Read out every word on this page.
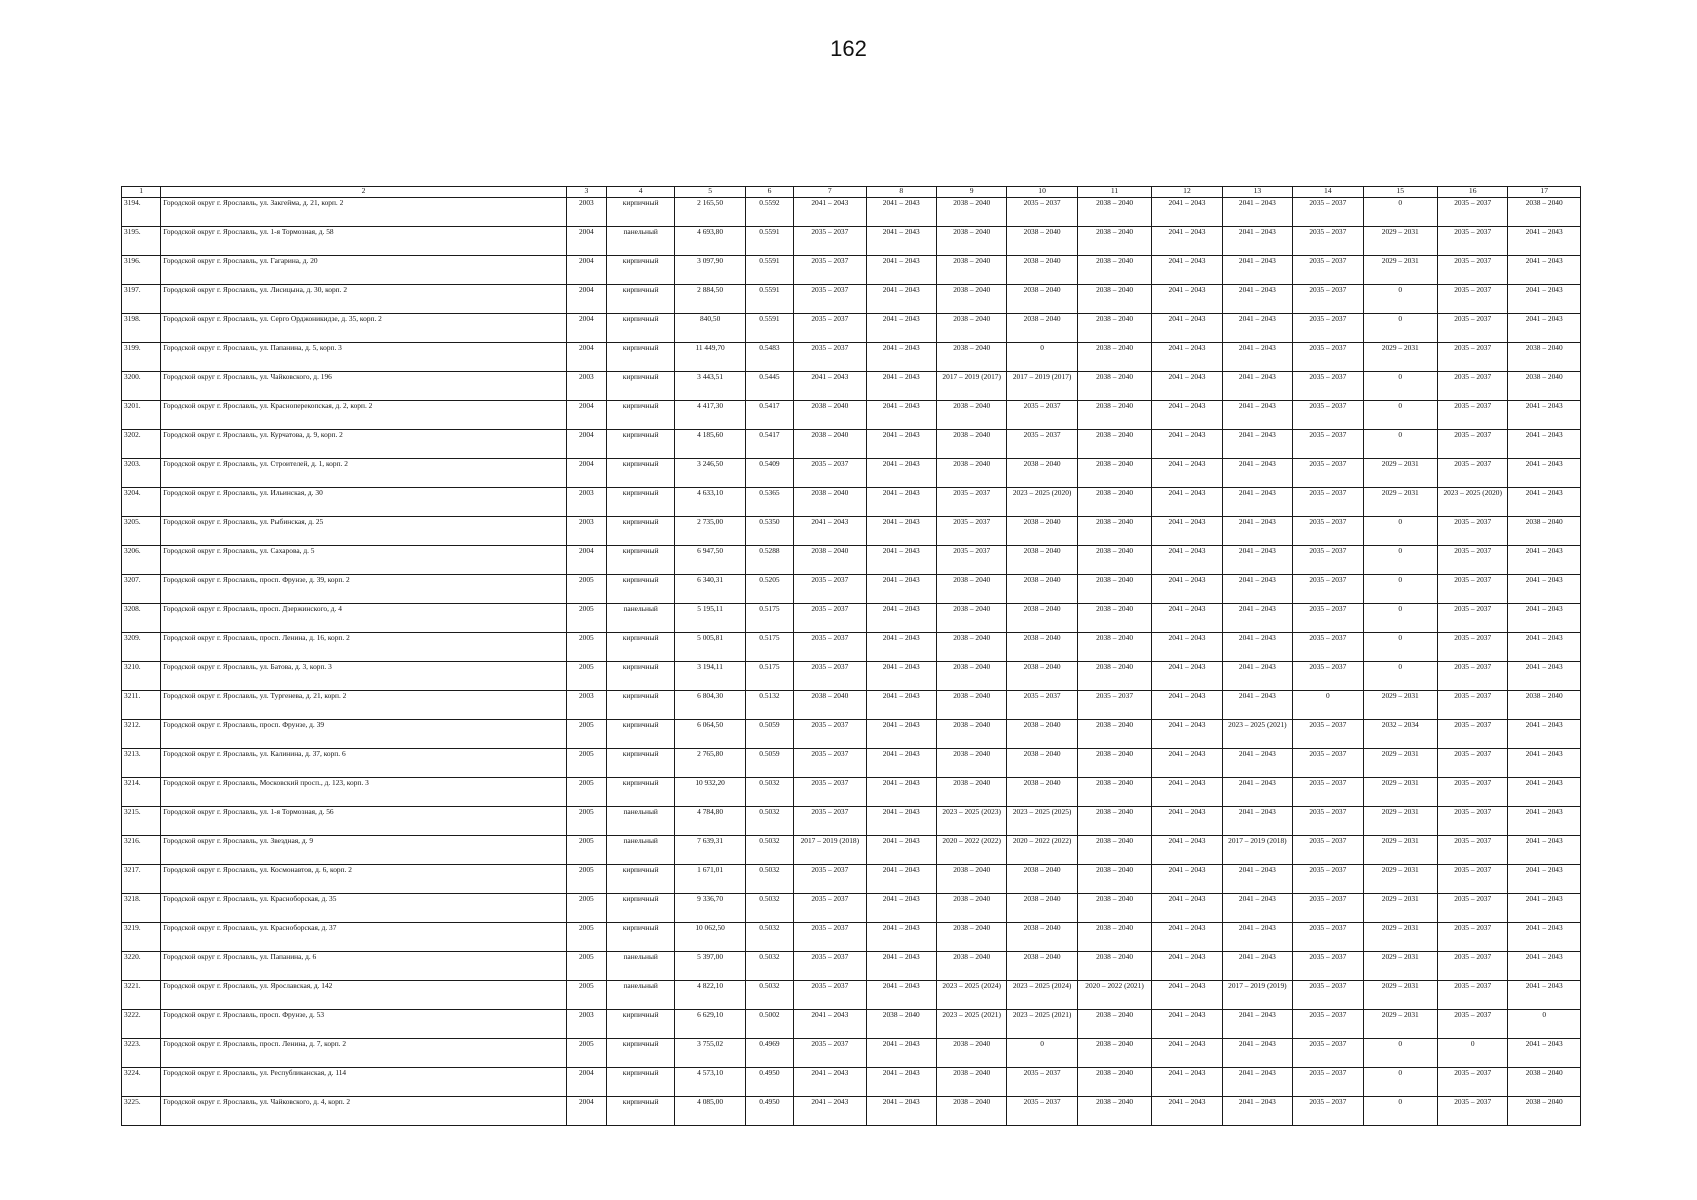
162
1	2	3	4	5	6	7	8	9	10	11	12	13	14	15	16	17
3194.	Городской округ г. Ярославль, ул. Закгейма, д. 21, корп. 2	2003	кирпичный	2 165,50	0.5592	2041 – 2043	2041 – 2043	2038 – 2040	2035 – 2037	2038 – 2040	2041 – 2043	2041 – 2043	2035 – 2037	0	2035 – 2037	2038 – 2040
3195.	Городской округ г. Ярославль, ул. 1-я Тормозная, д. 58	2004	панельный	4 693,80	0.5591	2035 – 2037	2041 – 2043	2038 – 2040	2038 – 2040	2038 – 2040	2041 – 2043	2041 – 2043	2035 – 2037	2029 – 2031	2035 – 2037	2041 – 2043
3196.	Городской округ г. Ярославль, ул. Гагарина, д. 20	2004	кирпичный	3 097,90	0.5591	2035 – 2037	2041 – 2043	2038 – 2040	2038 – 2040	2038 – 2040	2041 – 2043	2041 – 2043	2035 – 2037	2029 – 2031	2035 – 2037	2041 – 2043
3197.	Городской округ г. Ярославль, ул. Лисицына, д. 30, корп. 2	2004	кирпичный	2 884,50	0.5591	2035 – 2037	2041 – 2043	2038 – 2040	2038 – 2040	2038 – 2040	2041 – 2043	2041 – 2043	2035 – 2037	0	2035 – 2037	2041 – 2043
3198.	Городской округ г. Ярославль, ул. Серго Орджоникидзе, д. 35, корп. 2	2004	кирпичный	840,50	0.5591	2035 – 2037	2041 – 2043	2038 – 2040	2038 – 2040	2038 – 2040	2041 – 2043	2041 – 2043	2035 – 2037	0	2035 – 2037	2041 – 2043
3199.	Городской округ г. Ярославль, ул. Папанина, д. 5, корп. 3	2004	кирпичный	11 449,70	0.5483	2035 – 2037	2041 – 2043	2038 – 2040	0	2038 – 2040	2041 – 2043	2041 – 2043	2035 – 2037	2029 – 2031	2035 – 2037	2038 – 2040
3200.	Городской округ г. Ярославль, ул. Чайковского, д. 196	2003	кирпичный	3 443,51	0.5445	2041 – 2043	2041 – 2043	2017 – 2019 (2017)	2017 – 2019 (2017)	2038 – 2040	2041 – 2043	2041 – 2043	2035 – 2037	0	2035 – 2037	2038 – 2040
3201.	Городской округ г. Ярославль, ул. Красноперекопская, д. 2, корп. 2	2004	кирпичный	4 417,30	0.5417	2038 – 2040	2041 – 2043	2038 – 2040	2035 – 2037	2038 – 2040	2041 – 2043	2041 – 2043	2035 – 2037	0	2035 – 2037	2041 – 2043
3202.	Городской округ г. Ярославль, ул. Курчатова, д. 9, корп. 2	2004	кирпичный	4 185,60	0.5417	2038 – 2040	2041 – 2043	2038 – 2040	2035 – 2037	2038 – 2040	2041 – 2043	2041 – 2043	2035 – 2037	0	2035 – 2037	2041 – 2043
3203.	Городской округ г. Ярославль, ул. Строителей, д. 1, корп. 2	2004	кирпичный	3 246,50	0.5409	2035 – 2037	2041 – 2043	2038 – 2040	2038 – 2040	2038 – 2040	2041 – 2043	2041 – 2043	2035 – 2037	2029 – 2031	2035 – 2037	2041 – 2043
3204.	Городской округ г. Ярославль, ул. Ильинская, д. 30	2003	кирпичный	4 633,10	0.5365	2038 – 2040	2041 – 2043	2035 – 2037	2023 – 2025 (2020)	2038 – 2040	2041 – 2043	2041 – 2043	2035 – 2037	2029 – 2031	2023 – 2025 (2020)	2041 – 2043
3205.	Городской округ г. Ярославль, ул. Рыбинская, д. 25	2003	кирпичный	2 735,00	0.5350	2041 – 2043	2041 – 2043	2035 – 2037	2038 – 2040	2038 – 2040	2041 – 2043	2041 – 2043	2035 – 2037	0	2035 – 2037	2038 – 2040
3206.	Городской округ г. Ярославль, ул. Сахарова, д. 5	2004	кирпичный	6 947,50	0.5288	2038 – 2040	2041 – 2043	2035 – 2037	2038 – 2040	2038 – 2040	2041 – 2043	2041 – 2043	2035 – 2037	0	2035 – 2037	2041 – 2043
3207.	Городской округ г. Ярославль, просп. Фрунзе, д. 39, корп. 2	2005	кирпичный	6 340,31	0.5205	2035 – 2037	2041 – 2043	2038 – 2040	2038 – 2040	2038 – 2040	2041 – 2043	2041 – 2043	2035 – 2037	0	2035 – 2037	2041 – 2043
3208.	Городской округ г. Ярославль, просп. Дзержинского, д. 4	2005	панельный	5 195,11	0.5175	2035 – 2037	2041 – 2043	2038 – 2040	2038 – 2040	2038 – 2040	2041 – 2043	2041 – 2043	2035 – 2037	0	2035 – 2037	2041 – 2043
3209.	Городской округ г. Ярославль, просп. Ленина, д. 16, корп. 2	2005	кирпичный	5 005,81	0.5175	2035 – 2037	2041 – 2043	2038 – 2040	2038 – 2040	2038 – 2040	2041 – 2043	2041 – 2043	2035 – 2037	0	2035 – 2037	2041 – 2043
3210.	Городской округ г. Ярославль, ул. Батова, д. 3, корп. 3	2005	кирпичный	3 194,11	0.5175	2035 – 2037	2041 – 2043	2038 – 2040	2038 – 2040	2038 – 2040	2041 – 2043	2041 – 2043	2035 – 2037	0	2035 – 2037	2041 – 2043
3211.	Городской округ г. Ярославль, ул. Тургенева, д. 21, корп. 2	2003	кирпичный	6 804,30	0.5132	2038 – 2040	2041 – 2043	2038 – 2040	2035 – 2037	2035 – 2037	2041 – 2043	2041 – 2043	0	2029 – 2031	2035 – 2037	2038 – 2040
3212.	Городской округ г. Ярославль, просп. Фрунзе, д. 39	2005	кирпичный	6 064,50	0.5059	2035 – 2037	2041 – 2043	2038 – 2040	2038 – 2040	2038 – 2040	2041 – 2043	2023 – 2025 (2021)	2035 – 2037	2032 – 2034	2035 – 2037	2041 – 2043
3213.	Городской округ г. Ярославль, ул. Калинина, д. 37, корп. 6	2005	кирпичный	2 765,80	0.5059	2035 – 2037	2041 – 2043	2038 – 2040	2038 – 2040	2038 – 2040	2041 – 2043	2041 – 2043	2035 – 2037	2029 – 2031	2035 – 2037	2041 – 2043
3214.	Городской округ г. Ярославль, Московский просп., д. 123, корп. 3	2005	кирпичный	10 932,20	0.5032	2035 – 2037	2041 – 2043	2038 – 2040	2038 – 2040	2038 – 2040	2041 – 2043	2041 – 2043	2035 – 2037	2029 – 2031	2035 – 2037	2041 – 2043
3215.	Городской округ г. Ярославль, ул. 1-я Тормозная, д. 56	2005	панельный	4 784,80	0.5032	2035 – 2037	2041 – 2043	2023 – 2025 (2023)	2023 – 2025 (2025)	2038 – 2040	2041 – 2043	2041 – 2043	2035 – 2037	2029 – 2031	2035 – 2037	2041 – 2043
3216.	Городской округ г. Ярославль, ул. Звездная, д. 9	2005	панельный	7 639,31	0.5032	2017 – 2019 (2018)	2041 – 2043	2020 – 2022 (2022)	2020 – 2022 (2022)	2038 – 2040	2041 – 2043	2017 – 2019 (2018)	2035 – 2037	2029 – 2031	2035 – 2037	2041 – 2043
3217.	Городской округ г. Ярославль, ул. Космонавтов, д. 6, корп. 2	2005	кирпичный	1 671,01	0.5032	2035 – 2037	2041 – 2043	2038 – 2040	2038 – 2040	2038 – 2040	2041 – 2043	2041 – 2043	2035 – 2037	2029 – 2031	2035 – 2037	2041 – 2043
3218.	Городской округ г. Ярославль, ул. Красноборская, д. 35	2005	кирпичный	9 336,70	0.5032	2035 – 2037	2041 – 2043	2038 – 2040	2038 – 2040	2038 – 2040	2041 – 2043	2041 – 2043	2035 – 2037	2029 – 2031	2035 – 2037	2041 – 2043
3219.	Городской округ г. Ярославль, ул. Красноборская, д. 37	2005	кирпичный	10 062,50	0.5032	2035 – 2037	2041 – 2043	2038 – 2040	2038 – 2040	2038 – 2040	2041 – 2043	2041 – 2043	2035 – 2037	2029 – 2031	2035 – 2037	2041 – 2043
3220.	Городской округ г. Ярославль, ул. Папанина, д. 6	2005	панельный	5 397,00	0.5032	2035 – 2037	2041 – 2043	2038 – 2040	2038 – 2040	2038 – 2040	2041 – 2043	2041 – 2043	2035 – 2037	2029 – 2031	2035 – 2037	2041 – 2043
3221.	Городской округ г. Ярославль, ул. Ярославская, д. 142	2005	панельный	4 822,10	0.5032	2035 – 2037	2041 – 2043	2023 – 2025 (2024)	2023 – 2025 (2024)	2020 – 2022 (2021)	2041 – 2043	2017 – 2019 (2019)	2035 – 2037	2029 – 2031	2035 – 2037	2041 – 2043
3222.	Городской округ г. Ярославль, просп. Фрунзе, д. 53	2003	кирпичный	6 629,10	0.5002	2041 – 2043	2038 – 2040	2023 – 2025 (2021)	2023 – 2025 (2021)	2038 – 2040	2041 – 2043	2041 – 2043	2035 – 2037	2029 – 2031	2035 – 2037	0
3223.	Городской округ г. Ярославль, просп. Ленина, д. 7, корп. 2	2005	кирпичный	3 755,02	0.4969	2035 – 2037	2041 – 2043	2038 – 2040	0	2038 – 2040	2041 – 2043	2041 – 2043	2035 – 2037	0	0	2041 – 2043
3224.	Городской округ г. Ярославль, ул. Республиканская, д. 114	2004	кирпичный	4 573,10	0.4950	2041 – 2043	2041 – 2043	2038 – 2040	2035 – 2037	2038 – 2040	2041 – 2043	2041 – 2043	2035 – 2037	0	2035 – 2037	2038 – 2040
3225.	Городской округ г. Ярославль, ул. Чайковского, д. 4, корп. 2	2004	кирпичный	4 085,00	0.4950	2041 – 2043	2041 – 2043	2038 – 2040	2035 – 2037	2038 – 2040	2041 – 2043	2041 – 2043	2035 – 2037	0	2035 – 2037	2038 – 2040
